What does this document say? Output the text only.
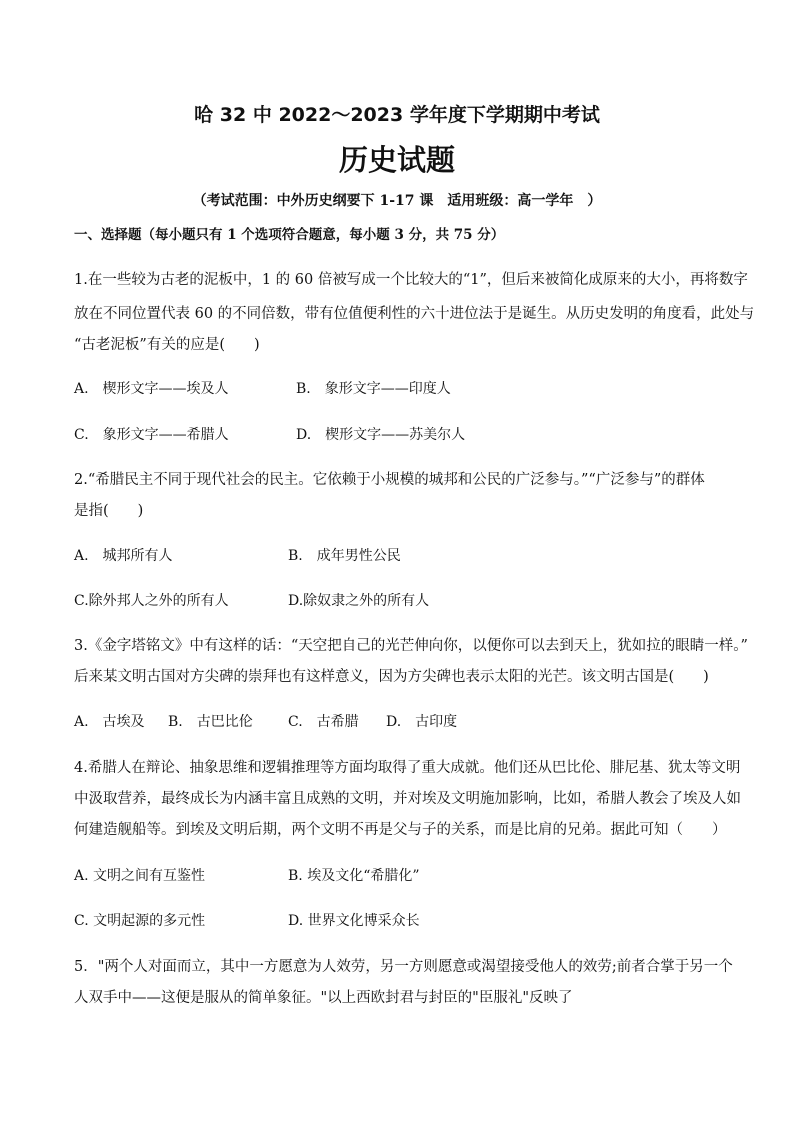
哈 32 中 2022～2023 学年度下学期期中考试
历史试题
（考试范围：中外历史纲要下 1-17 课　适用班级：高一学年　）
一、选择题（每小题只有 1 个选项符合题意，每小题 3 分，共 75 分）
1.在一些较为古老的泥板中，1 的 60 倍被写成一个比较大的“1”，但后来被简化成原来的大小，再将数字
放在不同位置代表 60 的不同倍数，带有位值便利性的六十进位法于是诞生。从历史发明的角度看，此处与
“古老泥板”有关的应是(　　)
A.　楔形文字——埃及人	B.　象形文字——印度人
C.　象形文字——希腊人	D.　楔形文字——苏美尔人
2.“希腊民主不同于现代社会的民主。它依赖于小规模的城邦和公民的广泛参与。”“广泛参与”的群体
是指(　　)
A.　城邦所有人	B.　成年男性公民
C.除外邦人之外的所有人	D.除奴隶之外的所有人
3.《金字塔铭文》中有这样的话：“天空把自己的光芒伸向你，以便你可以去到天上，犹如拉的眼睛一样。”
后来某文明古国对方尖碑的崇拜也有这样意义，因为方尖碑也表示太阳的光芒。该文明古国是(　　)
A.　古埃及 B.　古巴比伦	C.　古希腊 D.　古印度
4.希腊人在辩论、抽象思维和逻辑推理等方面均取得了重大成就。他们还从巴比伦、腓尼基、犹太等文明
中汲取营养，最终成长为内涵丰富且成熟的文明，并对埃及文明施加影响，比如，希腊人教会了埃及人如
何建造舰船等。到埃及文明后期，两个文明不再是父与子的关系，而是比肩的兄弟。据此可知（　　）
A. 文明之间有互鉴性	B. 埃及文化“希腊化”
C. 文明起源的多元性	D. 世界文化博采众长
5．"两个人对面而立，其中一方愿意为人效劳，另一方则愿意或渴望接受他人的效劳;前者合掌于另一个
人双手中——这便是服从的简单象征。"以上西欧封君与封臣的"臣服礼"反映了
